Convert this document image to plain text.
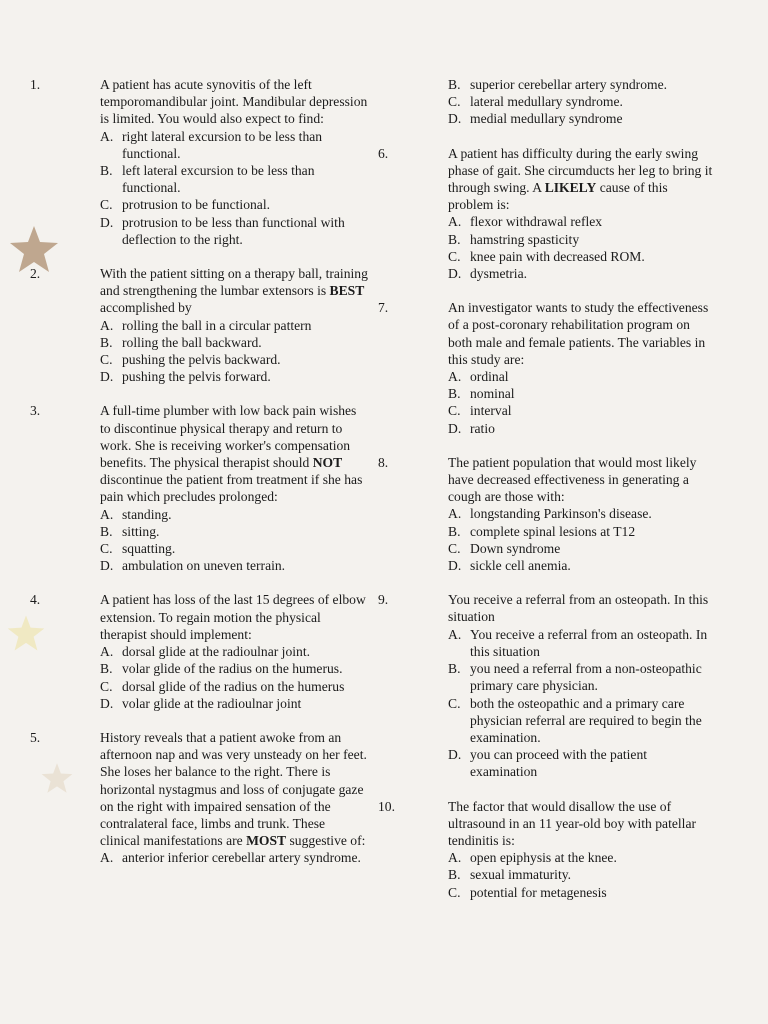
1.	A patient has acute synovitis of the left temporomandibular joint. Mandibular depression is limited. You would also expect to find:

A. right lateral excursion to be less than functional.
B. left lateral excursion to be less than functional.
C. protrusion to be functional.
D. protrusion to be less than functional with deflection to the right.
2.	With the patient sitting on a therapy ball, training and strengthening the lumbar extensors is BEST accomplished by

A. rolling the ball in a circular pattern
B. rolling the ball backward.
C. pushing the pelvis backward.
D. pushing the pelvis forward.
3.	A full-time plumber with low back pain wishes to discontinue physical therapy and return to work. She is receiving worker's compensation benefits. The physical therapist should NOT discontinue the patient from treatment if she has pain which precludes prolonged:

A. standing.
B. sitting.
C. squatting.
D. ambulation on uneven terrain.
4.	A patient has loss of the last 15 degrees of elbow extension. To regain motion the physical therapist should implement:

A. dorsal glide at the radioulnar joint.
B. volar glide of the radius on the humerus.
C. dorsal glide of the radius on the humerus
D. volar glide at the radioulnar joint
5.	History reveals that a patient awoke from an afternoon nap and was very unsteady on her feet. She loses her balance to the right. There is horizontal nystagmus and loss of conjugate gaze on the right with impaired sensation of the contralateral face, limbs and trunk. These clinical manifestations are MOST suggestive of:

A. anterior inferior cerebellar artery syndrome.
B. superior cerebellar artery syndrome.
C. lateral medullary syndrome.
D. medial medullary syndrome
6.	A patient has difficulty during the early swing phase of gait. She circumducts her leg to bring it through swing. A LIKELY cause of this problem is:

A. flexor withdrawal reflex
B. hamstring spasticity
C. knee pain with decreased ROM.
D. dysmetria.
7.	An investigator wants to study the effectiveness of a post-coronary rehabilitation program on both male and female patients. The variables in this study are:

A. ordinal
B. nominal
C. interval
D. ratio
8.	The patient population that would most likely have decreased effectiveness in generating a cough are those with:

A. longstanding Parkinson's disease.
B. complete spinal lesions at T12
C. Down syndrome
D. sickle cell anemia.
9.	You receive a referral from an osteopath. In this situation

A. You receive a referral from an osteopath. In this situation
B. you need a referral from a non-osteopathic primary care physician.
C. both the osteopathic and a primary care physician referral are required to begin the examination.
D. you can proceed with the patient examination
10.	The factor that would disallow the use of ultrasound in an 11 year-old boy with patellar tendinitis is:

A. open epiphysis at the knee.
B. sexual immaturity.
C. potential for metagenesis
